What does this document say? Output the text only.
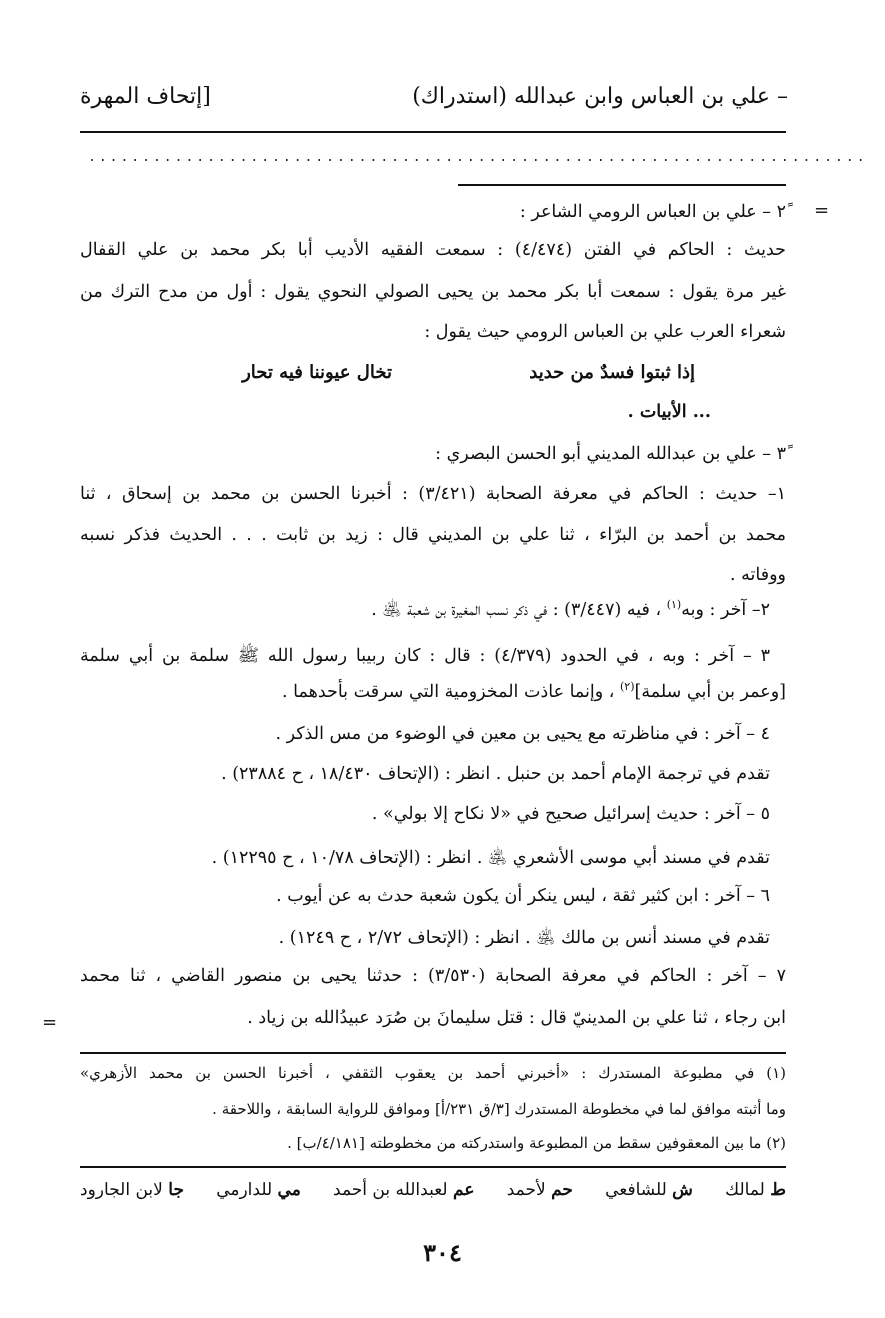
– علي بن العباس وابن عبدالله (استدراك)
[إتحاف المهرة
........................................................................
=
=
٢ً – علي بن العباس الرومي الشاعر :
حديث : الحاكم في الفتن (٤/٤٧٤) : سمعت الفقيه الأديب أبا بكر محمد بن علي القفال
غير مرة يقول : سمعت أبا بكر محمد بن يحيى الصولي النحوي يقول : أول من مدح الترك من
شعراء العرب علي بن العباس الرومي حيث يقول :
... الأبيات .
٣ً – علي بن عبدالله المديني أبو الحسن البصري :
١– حديث : الحاكم في معرفة الصحابة (٣/٤٢١) : أخبرنا الحسن بن محمد بن إسحاق ، ثنا
محمد بن أحمد بن البرّاء ، ثنا علي بن المديني قال : زيد بن ثابت . . . الحديث فذكر نسبه
ووفاته .
٢– آخر : وبه$^{(١)}$ ، فيه (٣/٤٤٧) : في ذكر نسب المغيرة بن شعبة ﵁ .
٣ – آخر : وبه ، في الحدود (٤/٣٧٩) : قال : كان ربيبا رسول الله ﷺ سلمة بن أبي سلمة
[وعمر بن أبي سلمة]$^{(٢)}$ ، وإنما عاذت المخزومية التي سرقت بأحدهما .
٤ – آخر : في مناظرته مع يحيى بن معين في الوضوء من مس الذكر .
تقدم في ترجمة الإمام أحمد بن حنبل . انظر : (الإتحاف ١٨/٤٣٠ ، ح ٢٣٨٨٤) .
٥ – آخر : حديث إسرائيل صحيح في «لا نكاح إلا بولي» .
تقدم في مسند أبي موسى الأشعري ﵁ . انظر : (الإتحاف ١٠/٧٨ ، ح ١٢٢٩٥) .
٦ – آخر : ابن كثير ثقة ، ليس ينكر أن يكون شعبة حدث به عن أيوب .
تقدم في مسند أنس بن مالك ﵁ . انظر : (الإتحاف ٢/٧٢ ، ح ١٢٤٩) .
٧ – آخر : الحاكم في معرفة الصحابة (٣/٥٣٠) : حدثنا يحيى بن منصور القاضي ، ثنا محمد
ابن رجاء ، ثنا علي بن المدينيّ قال : قتل سليمانَ بن صُرَد عبيدُالله بن زياد .
إذا ثبتوا فسدٌ من حديد
تخال عيوننا فيه تحار
(١) في مطبوعة المستدرك : «أخبرني أحمد بن يعقوب الثقفي ، أخبرنا الحسن بن محمد الأزهري»
وما أثبته موافق لما في مخطوطة المستدرك [٣/ق ٢٣١/أ] وموافق للرواية السابقة ، واللاحقة .
(٢) ما بين المعقوفين سقط من المطبوعة واستدركته من مخطوطته [٤/١٨١/ب] .
ط لمالك
ش للشافعي
حم لأحمد
عم لعبدالله بن أحمد
مي للدارمي
جا لابن الجارود
٣٠٤
